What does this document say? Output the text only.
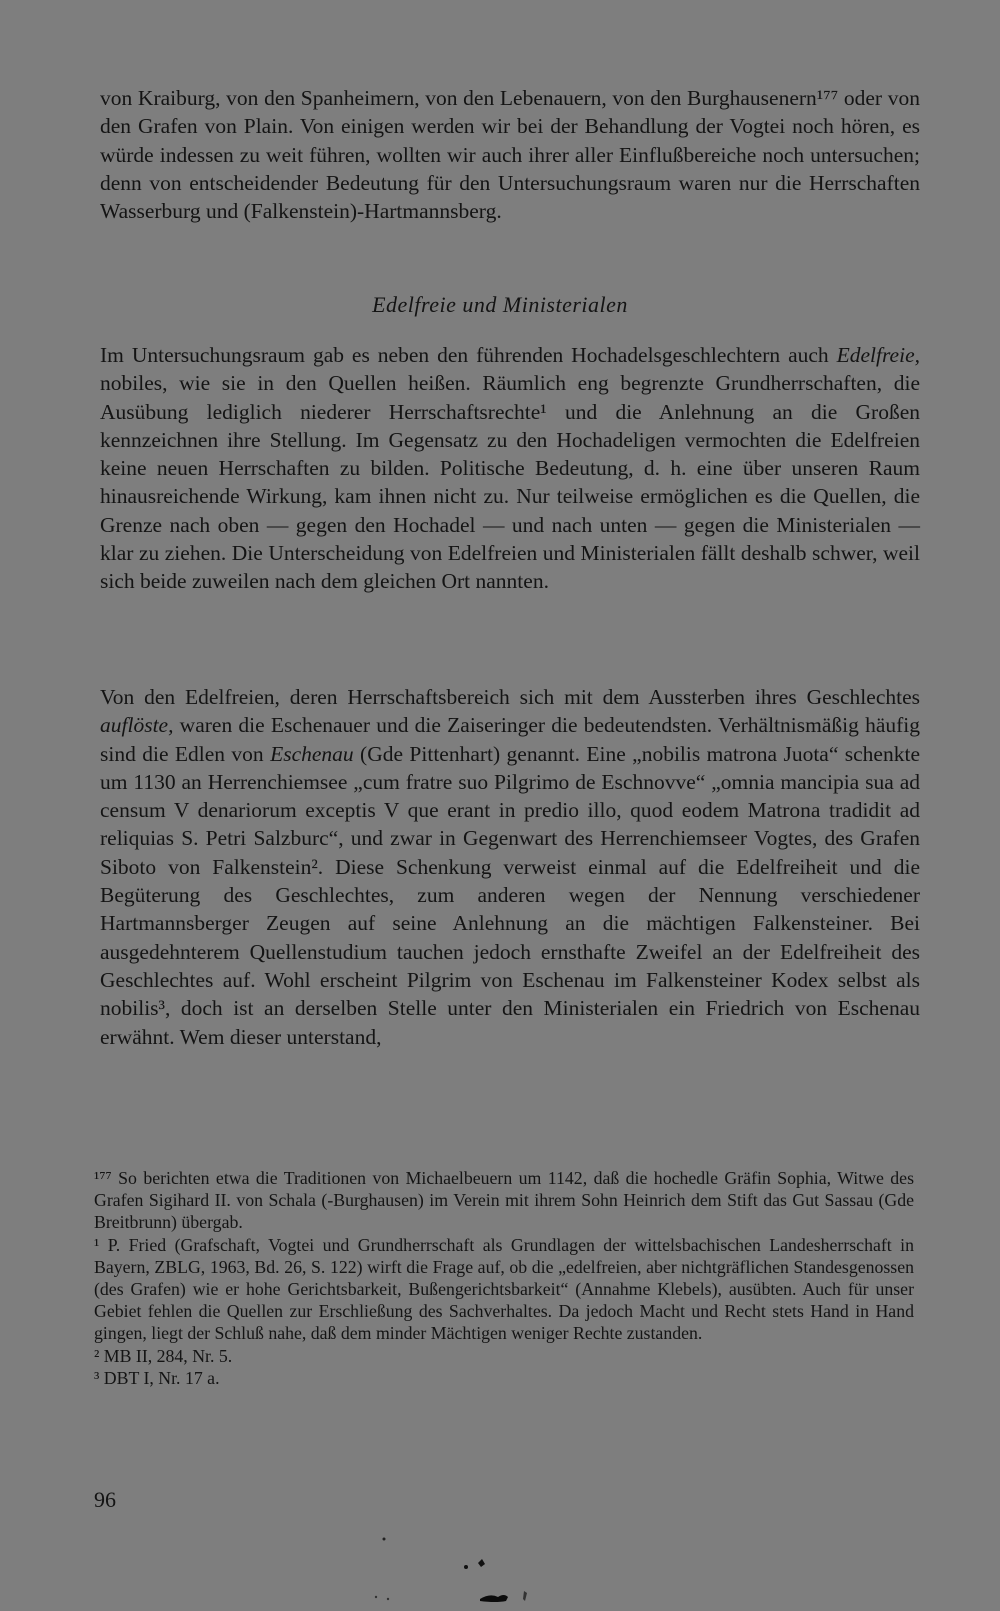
von Kraiburg, von den Spanheimern, von den Lebenauern, von den Burghausenern¹⁷⁷ oder von den Grafen von Plain. Von einigen werden wir bei der Behandlung der Vogtei noch hören, es würde indessen zu weit führen, wollten wir auch ihrer aller Einflußbereiche noch untersuchen; denn von entscheidender Bedeutung für den Untersuchungsraum waren nur die Herrschaften Wasserburg und (Falkenstein)-Hartmannsberg.

Edelfreie und Ministerialen

Im Untersuchungsraum gab es neben den führenden Hochadelsgeschlechtern auch Edelfreie, nobiles, wie sie in den Quellen heißen. Räumlich eng begrenzte Grundherrschaften, die Ausübung lediglich niederer Herrschaftsrechte¹ und die Anlehnung an die Großen kennzeichnen ihre Stellung. Im Gegensatz zu den Hochadeligen vermochten die Edelfreien keine neuen Herrschaften zu bilden. Politische Bedeutung, d. h. eine über unseren Raum hinausreichende Wirkung, kam ihnen nicht zu. Nur teilweise ermöglichen es die Quellen, die Grenze nach oben — gegen den Hochadel — und nach unten — gegen die Ministerialen — klar zu ziehen. Die Unterscheidung von Edelfreien und Ministerialen fällt deshalb schwer, weil sich beide zuweilen nach dem gleichen Ort nannten.

Von den Edelfreien, deren Herrschaftsbereich sich mit dem Aussterben ihres Geschlechtes auflöste, waren die Eschenauer und die Zaiseringer die bedeutendsten. Verhältnismäßig häufig sind die Edlen von Eschenau (Gde Pittenhart) genannt. Eine „nobilis matrona Juota“ schenkte um 1130 an Herrenchiemsee „cum fratre suo Pilgrimo de Eschnovve“ „omnia mancipia sua ad censum V denariorum exceptis V que erant in predio illo, quod eodem Matrona tradidit ad reliquias S. Petri Salzburc“, und zwar in Gegenwart des Herrenchiemseer Vogtes, des Grafen Siboto von Falkenstein². Diese Schenkung verweist einmal auf die Edelfreiheit und die Begüterung des Geschlechtes, zum anderen wegen der Nennung verschiedener Hartmannsberger Zeugen auf seine Anlehnung an die mächtigen Falkensteiner. Bei ausgedehnterem Quellenstudium tauchen jedoch ernsthafte Zweifel an der Edelfreiheit des Geschlechtes auf. Wohl erscheint Pilgrim von Eschenau im Falkensteiner Kodex selbst als nobilis³, doch ist an derselben Stelle unter den Ministerialen ein Friedrich von Eschenau erwähnt. Wem dieser unterstand,

¹⁷⁷ So berichten etwa die Traditionen von Michaelbeuern um 1142, daß die hochedle Gräfin Sophia, Witwe des Grafen Sigihard II. von Schala (-Burghausen) im Verein mit ihrem Sohn Heinrich dem Stift das Gut Sassau (Gde Breitbrunn) übergab.

¹ P. Fried (Grafschaft, Vogtei und Grundherrschaft als Grundlagen der wittelsbachischen Landesherrschaft in Bayern, ZBLG, 1963, Bd. 26, S. 122) wirft die Frage auf, ob die „edelfreien, aber nichtgräflichen Standesgenossen (des Grafen) wie er hohe Gerichtsbarkeit, Bußengerichtsbarkeit“ (Annahme Klebels), ausübten. Auch für unser Gebiet fehlen die Quellen zur Erschließung des Sachverhaltes. Da jedoch Macht und Recht stets Hand in Hand gingen, liegt der Schluß nahe, daß dem minder Mächtigen weniger Rechte zustanden.

² MB II, 284, Nr. 5.

³ DBT I, Nr. 17 a.

96
